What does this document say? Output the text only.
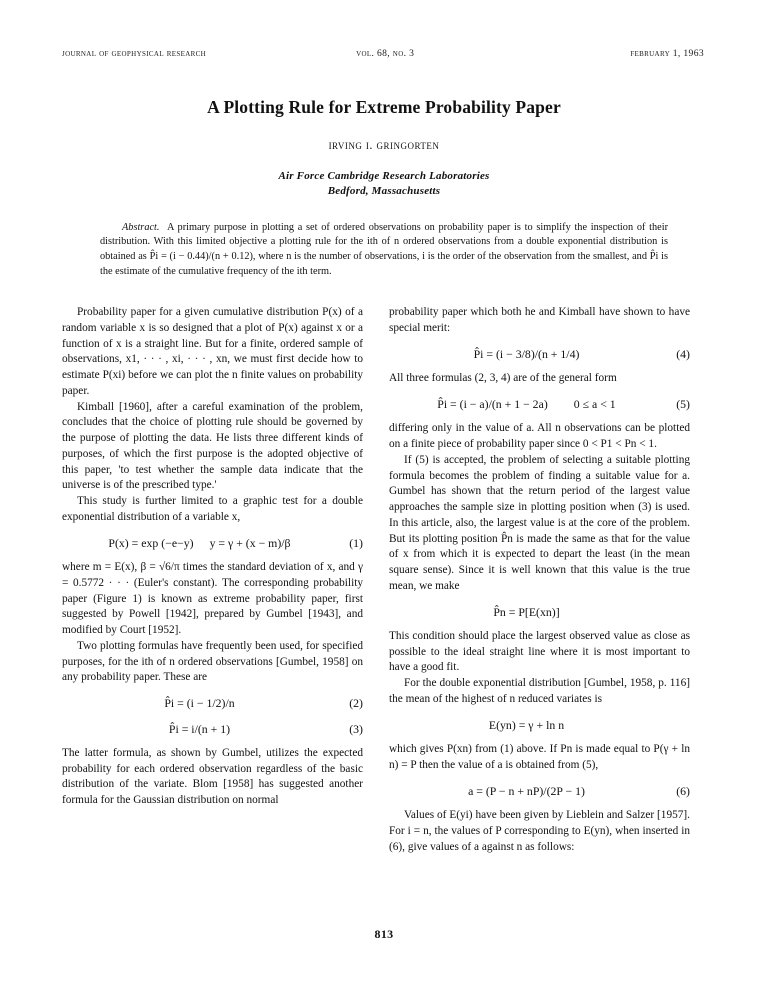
journal of geophysical research	vol. 68, no. 3	february 1, 1963
A Plotting Rule for Extreme Probability Paper
irving i. gringorten
Air Force Cambridge Research Laboratories
Bedford, Massachusetts
Abstract. A primary purpose in plotting a set of ordered observations on probability paper is to simplify the inspection of their distribution. With this limited objective a plotting rule for the ith of n ordered observations from a double exponential distribution is obtained as P̂i = (i − 0.44)/(n + 0.12), where n is the number of observations, i is the order of the observation from the smallest, and P̂i is the estimate of the cumulative frequency of the ith term.

Probability paper for a given cumulative distribution P(x) of a random variable x is so designed that a plot of P(x) against x or a function of x is a straight line. But for a finite, ordered sample of observations, x1, · · · , xi, · · · , xn, we must first decide how to estimate P(xi) before we can plot the n finite values on probability paper.

Kimball [1960], after a careful examination of the problem, concludes that the choice of plotting rule should be governed by the purpose of plotting the data. He lists three different kinds of purposes, of which the first purpose is the adopted objective of this paper, 'to test whether the sample data indicate that the universe is of the prescribed type.'

This study is further limited to a graphic test for a double exponential distribution of a variable x,

P(x) = exp (−e−y) y = γ + (x − m)/β	(1)

where m = E(x), β = √6/π times the standard deviation of x, and γ = 0.5772 · · · (Euler's constant). The corresponding probability paper (Figure 1) is known as extreme probability paper, first suggested by Powell [1942], prepared by Gumbel [1943], and modified by Court [1952].

Two plotting formulas have frequently been used, for specified purposes, for the ith of n ordered observations [Gumbel, 1958] on any probability paper. These are

P̂i = (i − 1/2)/n	(2)
P̂i = i/(n + 1)	(3)

The latter formula, as shown by Gumbel, utilizes the expected probability for each ordered observation regardless of the basic distribution of the variate. Blom [1958] has suggested another formula for the Gaussian distribution on normal

probability paper which both he and Kimball have shown to have special merit:

P̂i = (i − 3/8)/(n + 1/4)	(4)

All three formulas (2, 3, 4) are of the general form

P̂i = (i − a)/(n + 1 − 2a) 0 ≤ a < 1	(5)

differing only in the value of a. All n observations can be plotted on a finite piece of probability paper since 0 < P1 < Pn < 1.

If (5) is accepted, the problem of selecting a suitable plotting formula becomes the problem of finding a suitable value for a. Gumbel has shown that the return period of the largest value approaches the sample size in plotting position when (3) is used. In this article, also, the largest value is at the core of the problem. But its plotting position P̂n is made the same as that for the value of x from which it is expected to depart the least (in the mean square sense). Since it is well known that this value is the true mean, we make

P̂n = P[E(xn)]

This condition should place the largest observed value as close as possible to the ideal straight line where it is most important to have a good fit.

For the double exponential distribution [Gumbel, 1958, p. 116] the mean of the highest of n reduced variates is

E(yn) = γ + ln n

which gives P(xn) from (1) above. If Pn is made equal to P(γ + ln n) = P then the value of a is obtained from (5),

a = (P − n + nP)/(2P − 1)	(6)

Values of E(yi) have been given by Lieblein and Salzer [1957]. For i = n, the values of P corresponding to E(yn), when inserted in (6), give values of a against n as follows:

813
